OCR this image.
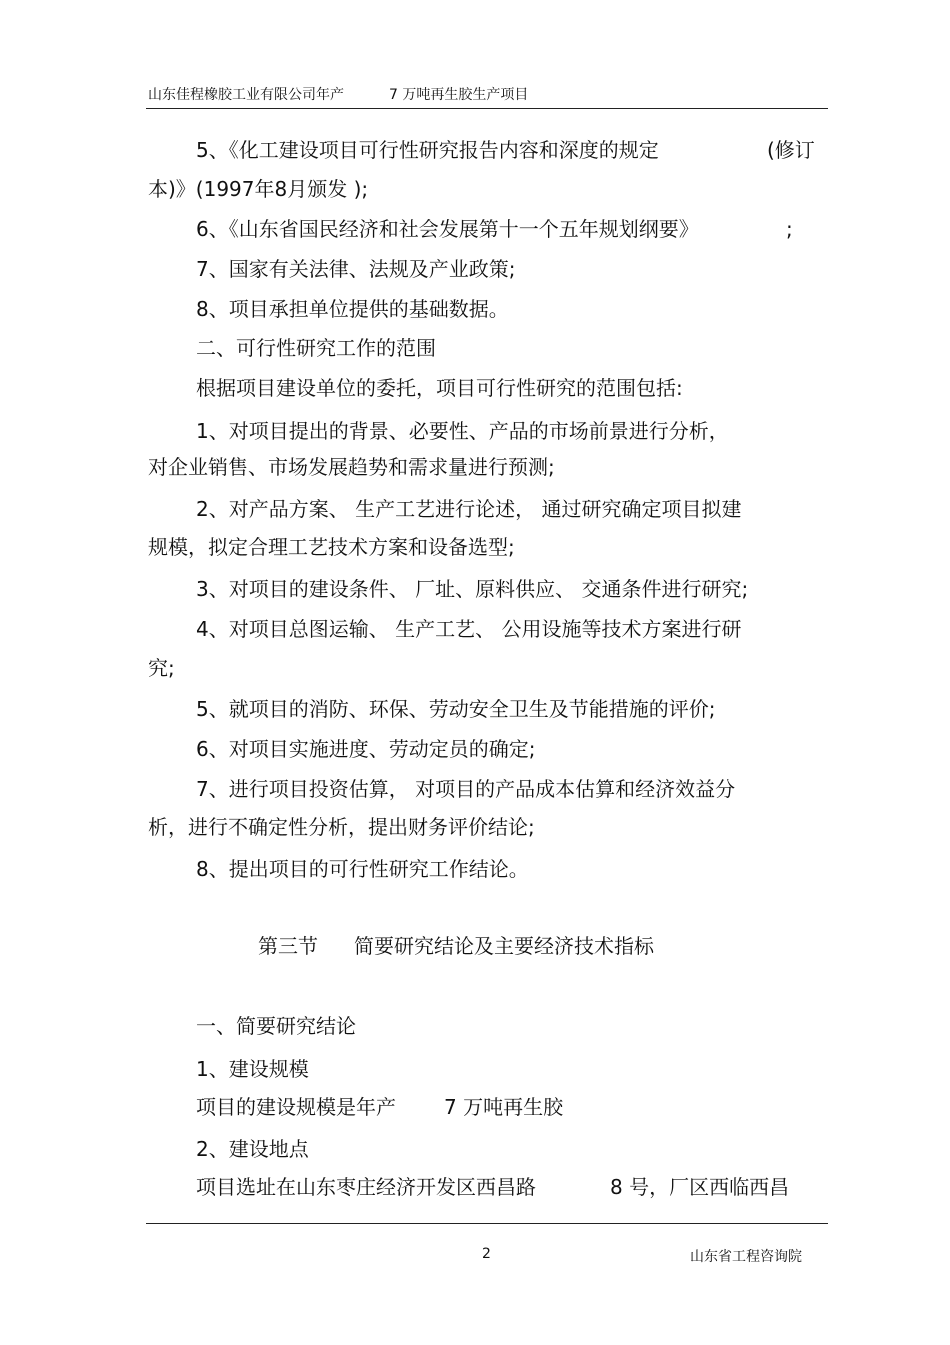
山东佳程橡胶工业有限公司年产	7 万吨再生胶生产项目
5、《化工建设项目可行性研究报告内容和深度的规定	(修订
本)》(1997年8月颁发 );
6、《山东省国民经济和社会发展第十一个五年规划纲要》	;
7、国家有关法律、法规及产业政策;
8、项目承担单位提供的基础数据。
二、可行性研究工作的范围
根据项目建设单位的委托，项目可行性研究的范围包括:
1、对项目提出的背景、必要性、产品的市场前景进行分析，
对企业销售、市场发展趋势和需求量进行预测;
2、对产品方案、 生产工艺进行论述， 通过研究确定项目拟建
规模，拟定合理工艺技术方案和设备选型;
3、对项目的建设条件、 厂址、原料供应、 交通条件进行研究;
4、对项目总图运输、 生产工艺、 公用设施等技术方案进行研
究;
5、就项目的消防、环保、劳动安全卫生及节能措施的评价;
6、对项目实施进度、劳动定员的确定;
7、进行项目投资估算， 对项目的产品成本估算和经济效益分
析，进行不确定性分析，提出财务评价结论;
8、提出项目的可行性研究工作结论。
第三节 简要研究结论及主要经济技术指标
一、简要研究结论
1、建设规模
项目的建设规模是年产 7 万吨再生胶
2、建设地点
项目选址在山东枣庄经济开发区西昌路	8 号，厂区西临西昌
2	山东省工程咨询院
